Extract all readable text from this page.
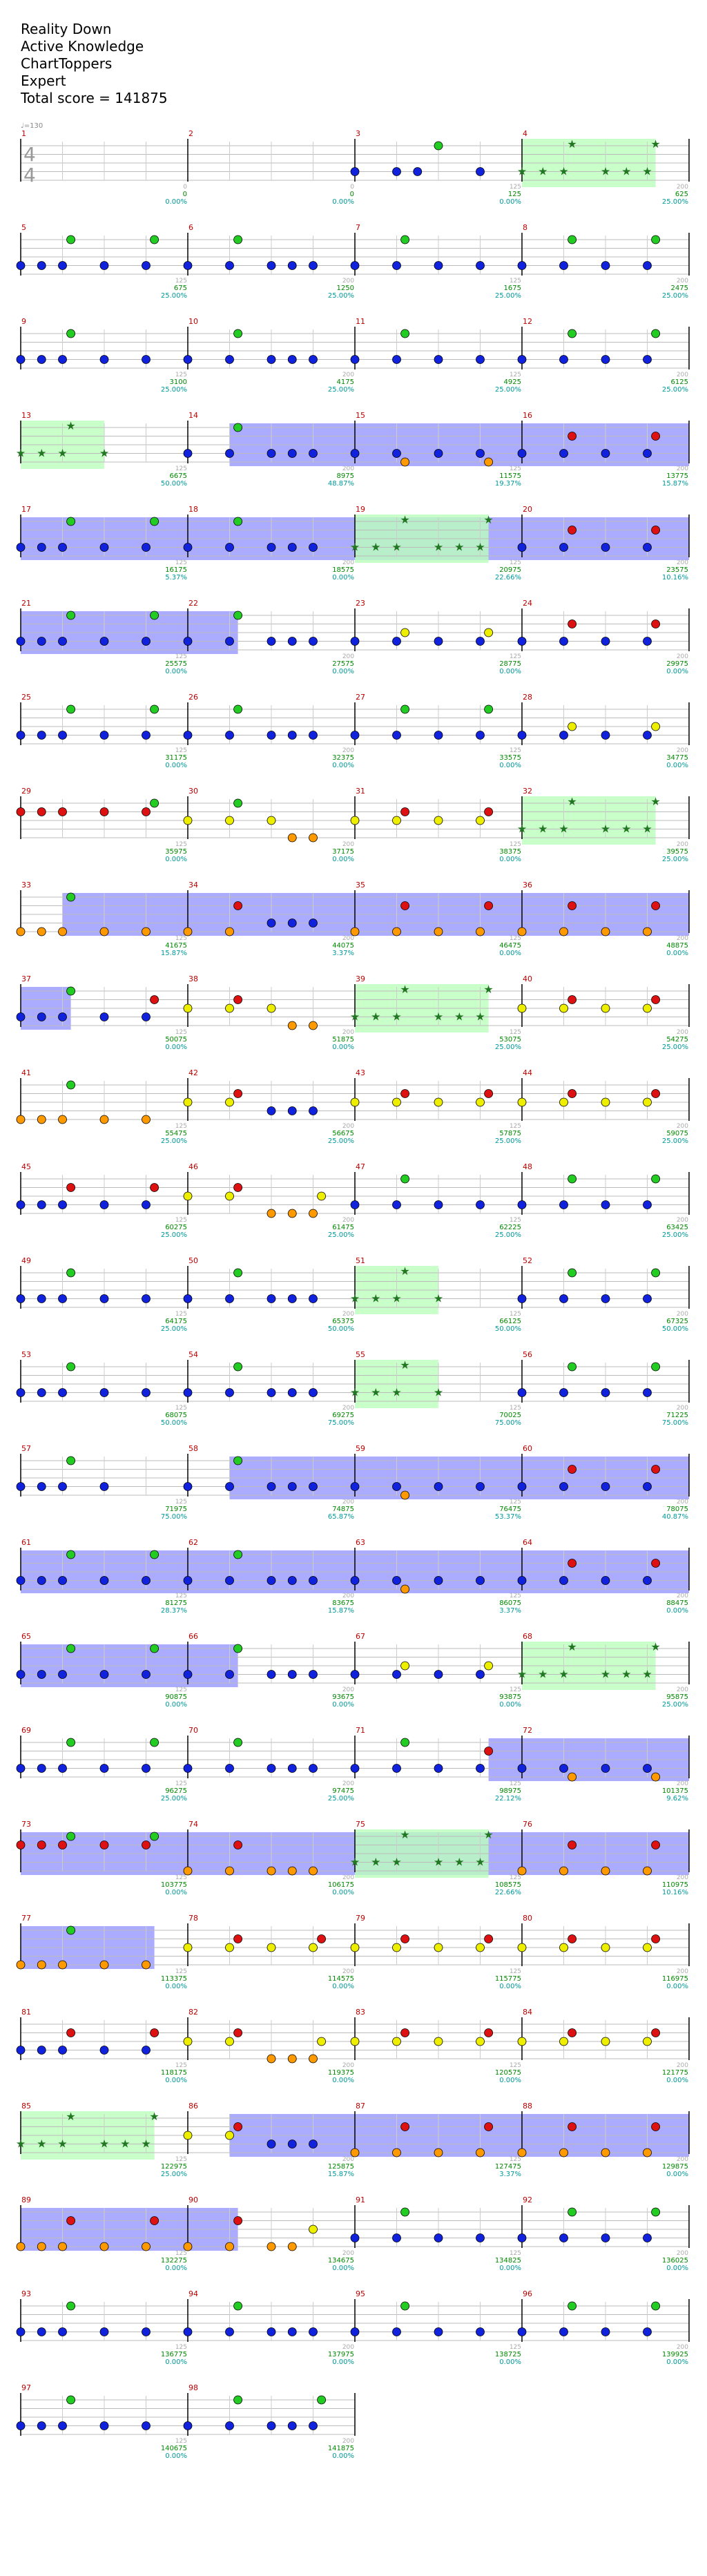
Reality Down
Active Knowledge
ChartToppers
Expert
Total score = 141875
1
0
0
0.00%
2
0
0
0.00%
3
125
125
0.00%
4
200
625
25.00%
♩=130
4
4	★ ★ ★
★
★ ★ ★
★
5
125
675
25.00%
6
200
1250
25.00%
7
125
1675
25.00%
8
200
2475
25.00%
9
125
3100
25.00%
10
200
4175
25.00%
11
125
4925
25.00%
12
200
6125
25.00%
13
125
6675
50.00%
14
200
8975
48.87%
15
125
11575
19.37%
16
200
13775
15.87%
★ ★ ★
★
★
17
125
16175
5.37%
18
200
18575
0.00%
19
125
20975
22.66%
20
200
23575
10.16%
★ ★ ★
★
★ ★ ★
★
21
125
25575
0.00%
22
200
27575
0.00%
23
125
28775
0.00%
24
200
29975
0.00%
25
125
31175
0.00%
26
200
32375
0.00%
27
125
33575
0.00%
28
200
34775
0.00%
29
125
35975
0.00%
30
200
37175
0.00%
31
125
38375
0.00%
32
200
39575
25.00%
★ ★ ★
★
★ ★ ★
★
33
125
41675
15.87%
34
200
44075
3.37%
35
125
46475
0.00%
36
200
48875
0.00%
37
125
50075
0.00%
38
200
51875
0.00%
39
125
53075
25.00%
40
200
54275
25.00%
★ ★ ★
★
★ ★ ★
★
41
125
55475
25.00%
42
200
56675
25.00%
43
125
57875
25.00%
44
200
59075
25.00%
45
125
60275
25.00%
46
200
61475
25.00%
47
125
62225
25.00%
48
200
63425
25.00%
49
125
64175
25.00%
50
200
65375
50.00%
51
125
66125
50.00%
52
200
67325
50.00%
★ ★ ★
★
★
53
125
68075
50.00%
54
200
69275
75.00%
55
125
70025
75.00%
56
200
71225
75.00%
★ ★ ★
★
★
57
125
71975
75.00%
58
200
74875
65.87%
59
125
76475
53.37%
60
200
78075
40.87%
61
125
81275
28.37%
62
200
83675
15.87%
63
125
86075
3.37%
64
200
88475
0.00%
65
125
90875
0.00%
66
200
93675
0.00%
67
125
93875
0.00%
68
200
95875
25.00%
★ ★ ★
★
★ ★ ★
★
69
125
96275
25.00%
70
200
97475
25.00%
71
125
98975
22.12%
72
200
101375
9.62%
73
125
103775
0.00%
74
200
106175
0.00%
75
125
108575
22.66%
76
200
110975
10.16%
★ ★ ★
★
★ ★ ★
★
77
125
113375
0.00%
78
200
114575
0.00%
79
125
115775
0.00%
80
200
116975
0.00%
81
125
118175
0.00%
82
200
119375
0.00%
83
125
120575
0.00%
84
200
121775
0.00%
85
125
122975
25.00%
86
200
125875
15.87%
87
125
127475
3.37%
88
200
129875
0.00%
★ ★ ★
★
★ ★ ★
★
89
125
132275
0.00%
90
200
134675
0.00%
91
125
134825
0.00%
92
200
136025
0.00%
93
125
136775
0.00%
94
200
137975
0.00%
95
125
138725
0.00%
96
200
139925
0.00%
97
125
140675
0.00%
98
200
141875
0.00%
